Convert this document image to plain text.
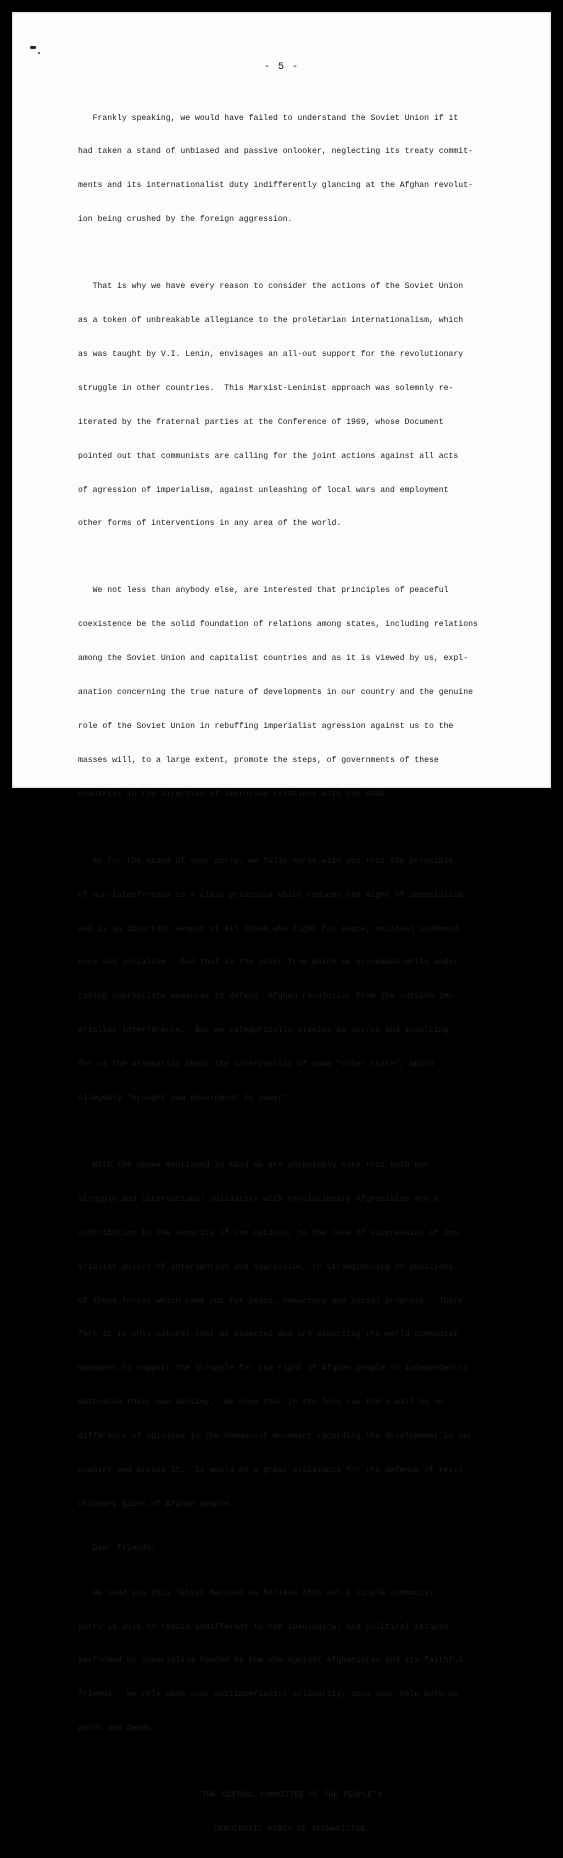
- 5 -

Frankly speaking, we would have failed to understand the Soviet Union if it

had taken a stand of unbiased and passive onlooker, neglecting its treaty commit-

ments and its internationalist duty indifferently glancing at the Afghan revolut-

ion being crushed by the foreign aggression.

That is why we have every reason to consider the actions of the Soviet Union

as a token of unbreakable allegiance to the proletarian internationalism, which

as was taught by V.I. Lenin, envisages an all-out support for the revolutionary

struggle in other countries.  This Marxist-Leninist approach was solemnly re-

iterated by the fraternal parties at the Conference of 1969, whose Document

pointed out that communists are calling for the joint actions against all acts

of agression of imperialism, against unleashing of local wars and employment

other forms of interventions in any area of the world.

We not less than anybody else, are interested that principles of peaceful

coexistence be the solid foundation of relations among states, including relations

among the Soviet Union and capitalist countries and as it is viewed by us, expl-

anation concerning the true nature of developments in our country and the genuine

role of the Soviet Union in rebuffing imperialist agression against us to the

masses will, to a large extent, promote the steps, of governments of these

countries in the direction of improving relations with the USSR.

As for the stand of your party, we fully agree with you that the principle

of non-interference is a class principle which reduces the might of imperialism

and is an important weapon of all those who fight for peace, national independ-

ence and socialism.  And that is the point from which we proceeded while under-

taking appropriate measures to defend  Afghan revolution from the outside imp-

erialist interference.  But we categorically dismiss as untrue and insulting

for us the allegation about the intervention of some "other state", which

allegedly "brought new government to power".

With the above mentioned in mind we are unshakably sure that both our

struggle and international solidarity with revolutionary Afghanistan are a

contribution to the security of the nations, to the case of suppression of imp-

erialist policy of intervention and aggression, to strengthening of positions

of those forces which come out for peace, democracy and social progress.  There-

fore it is only natural that we expected and are expecting the world communist

movement to support the struggle for the right of Afghan people to independently

determine their own destiny.  We hope that in the long run there will be no

difference of opinions in the Communist movement regarding the development in our

country and around it.  It would be a great assistance for the defence of revol-

utionary gains of Afghan people.

Dear friends!

We send you this letter because we believe that not a single communist

party is able to remain indifferent to the ideological and political attacks

performed by imperialism headed by the USA against Afghanistan and its faithful

friends.  We rely opon your antiimperialist solidarity, upon your help both by

words and deeds.

THE CENTRAL COMMITTEE OF THE PEOPLE'S

DEMOCRATIC PARTY OF AFGHANISTAN.
